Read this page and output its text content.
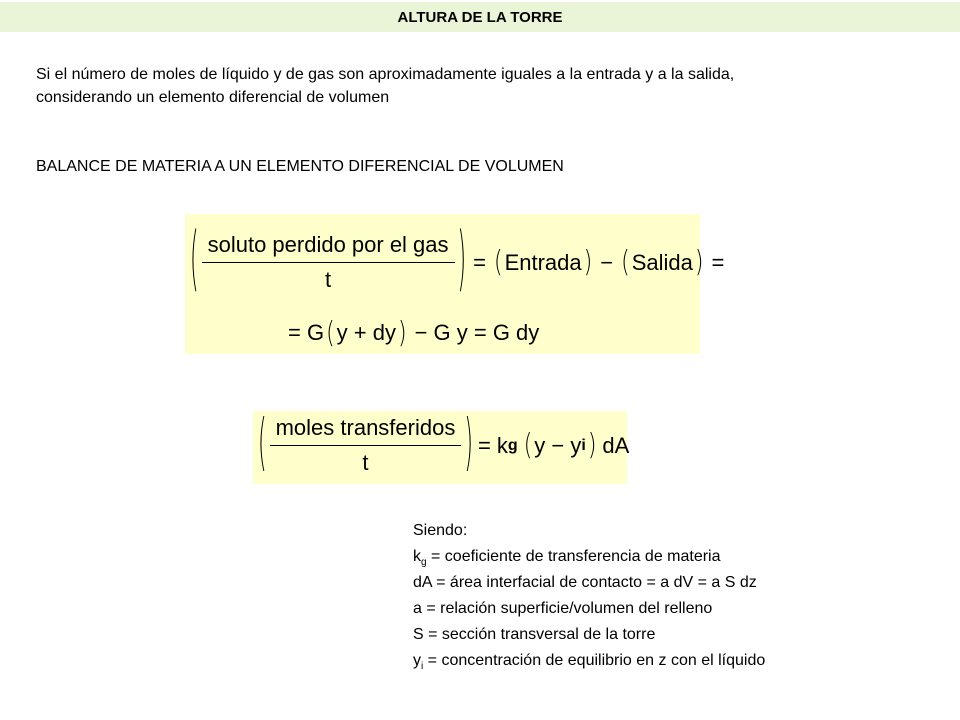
ALTURA DE LA TORRE

Si el número de moles de líquido y de gas son aproximadamente iguales a la entrada y a la salida,

considerando un elemento diferencial de volumen

BALANCE DE MATERIA A UN ELEMENTO DIFERENCIAL DE VOLUMEN
( $\frac{\text{soluto perdido por el gas}}{t}$ ) = ( Entrada ) − ( Salida ) =
= G ( y + dy ) − G y = G dy
( $\frac{\text{moles transferidos}}{t}$ ) = k g ( y − y i ) dA
Siendo:
$k_g$ = coeficiente de transferencia de materia
dA = área interfacial de contacto = a dV = a S dz
a = relación superficie/volumen del relleno
S = sección transversal de la torre
$y_i$ = concentración de equilibrio en z con el líquido
